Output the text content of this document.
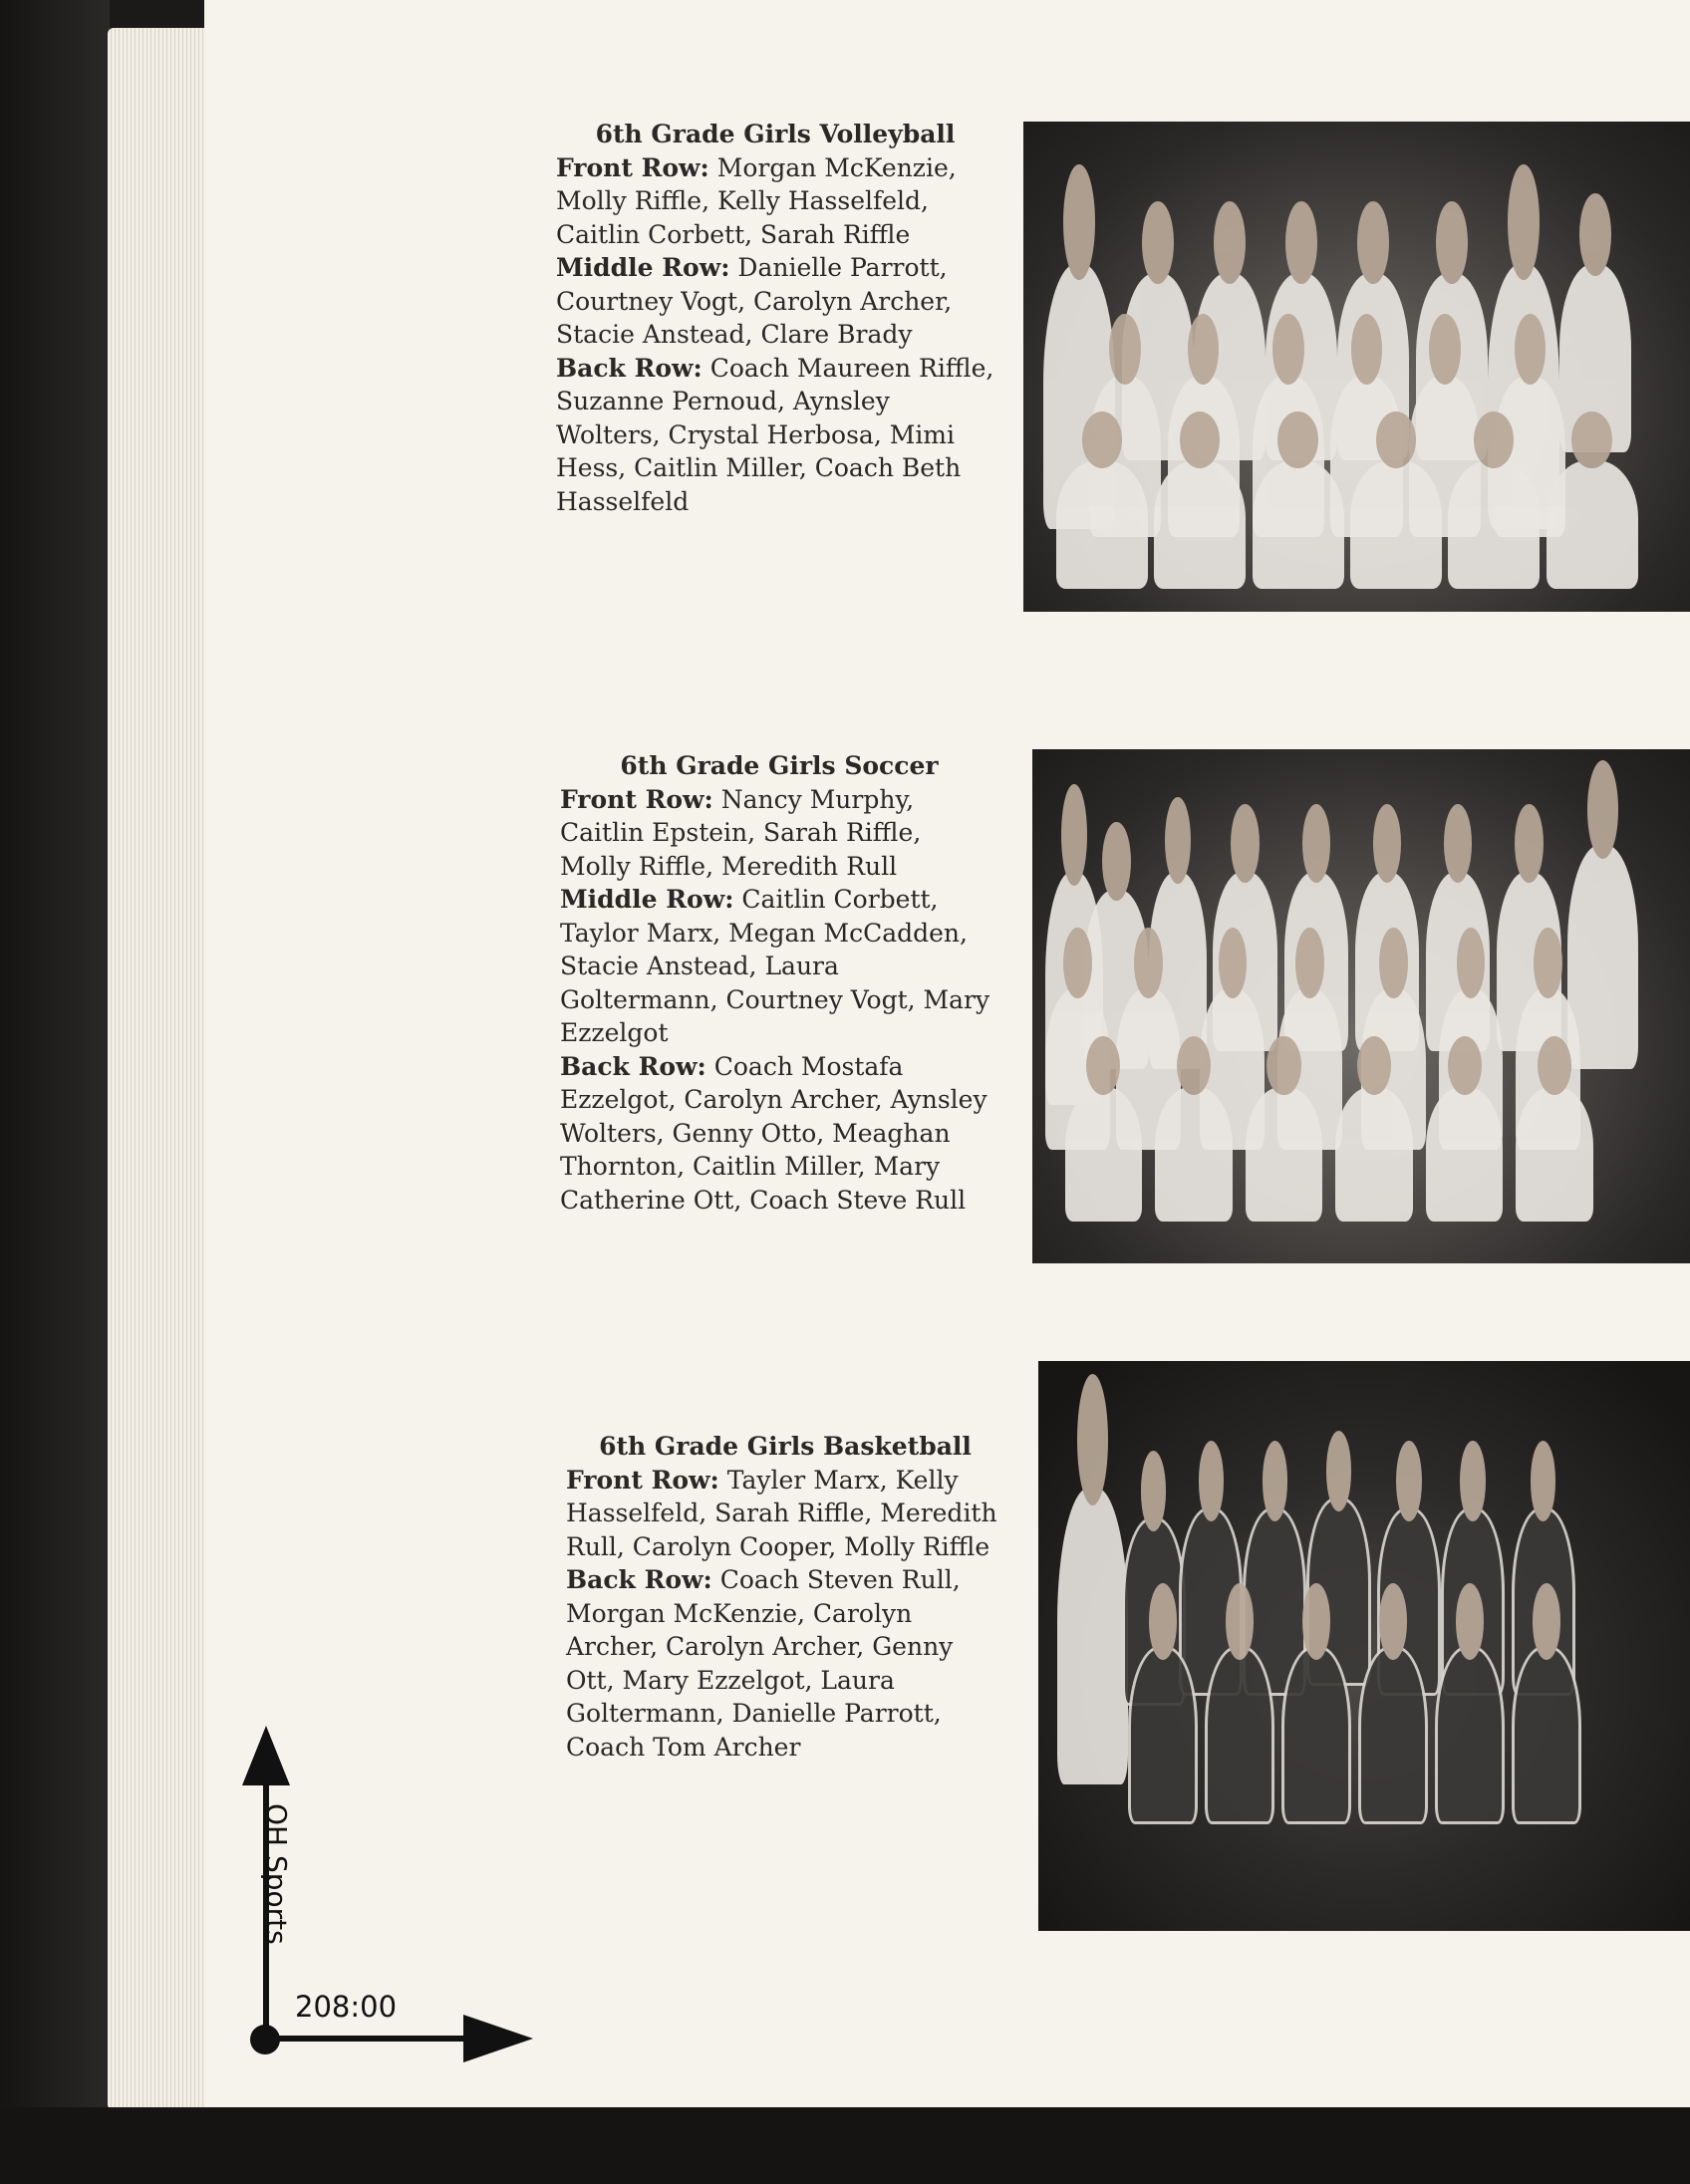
6th Grade Girls Volleyball
Front Row: Morgan McKenzie, Molly Riffle, Kelly Hasselfeld, Caitlin Corbett, Sarah Riffle
Middle Row: Danielle Parrott, Courtney Vogt, Carolyn Archer, Stacie Anstead, Clare Brady
Back Row: Coach Maureen Riffle, Suzanne Pernoud, Aynsley Wolters, Crystal Herbosa, Mimi Hess, Caitlin Miller, Coach Beth Hasselfeld
6th Grade Girls Soccer
Front Row: Nancy Murphy, Caitlin Epstein, Sarah Riffle, Molly Riffle, Meredith Rull
Middle Row: Caitlin Corbett, Taylor Marx, Megan McCadden, Stacie Anstead, Laura Goltermann, Courtney Vogt, Mary Ezzelgot
Back Row: Coach Mostafa Ezzelgot, Carolyn Archer, Aynsley Wolters, Genny Otto, Meaghan Thornton, Caitlin Miller, Mary Catherine Ott, Coach Steve Rull
6th Grade Girls Basketball
Front Row: Tayler Marx, Kelly Hasselfeld, Sarah Riffle, Meredith Rull, Carolyn Cooper, Molly Riffle
Back Row: Coach Steven Rull, Morgan McKenzie, Carolyn Archer, Carolyn Archer, Genny Ott, Mary Ezzelgot, Laura Goltermann, Danielle Parrott, Coach Tom Archer
OH Sports
208:00
